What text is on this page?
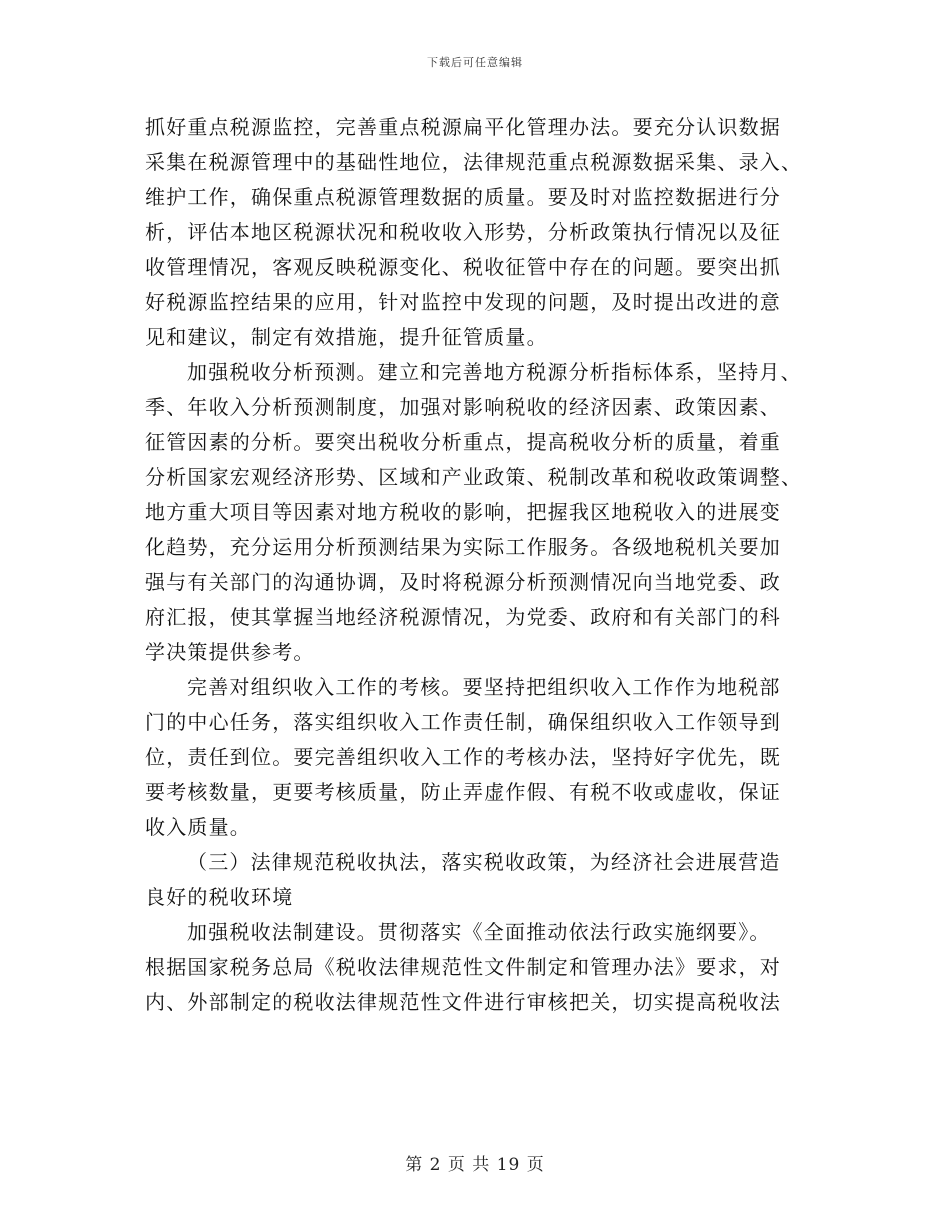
下载后可任意编辑
抓好重点税源监控，完善重点税源扁平化管理办法。要充分认识数据
采集在税源管理中的基础性地位，法律规范重点税源数据采集、录入、
维护工作，确保重点税源管理数据的质量。要及时对监控数据进行分
析，评估本地区税源状况和税收收入形势，分析政策执行情况以及征
收管理情况，客观反映税源变化、税收征管中存在的问题。要突出抓
好税源监控结果的应用，针对监控中发现的问题，及时提出改进的意
见和建议，制定有效措施，提升征管质量。
加强税收分析预测。建立和完善地方税源分析指标体系，坚持月、
季、年收入分析预测制度，加强对影响税收的经济因素、政策因素、
征管因素的分析。要突出税收分析重点，提高税收分析的质量，着重
分析国家宏观经济形势、区域和产业政策、税制改革和税收政策调整、
地方重大项目等因素对地方税收的影响，把握我区地税收入的进展变
化趋势，充分运用分析预测结果为实际工作服务。各级地税机关要加
强与有关部门的沟通协调，及时将税源分析预测情况向当地党委、政
府汇报，使其掌握当地经济税源情况，为党委、政府和有关部门的科
学决策提供参考。
完善对组织收入工作的考核。要坚持把组织收入工作作为地税部
门的中心任务，落实组织收入工作责任制，确保组织收入工作领导到
位，责任到位。要完善组织收入工作的考核办法，坚持好字优先，既
要考核数量，更要考核质量，防止弄虚作假、有税不收或虚收，保证
收入质量。
（三）法律规范税收执法，落实税收政策，为经济社会进展营造
良好的税收环境
加强税收法制建设。贯彻落实《全面推动依法行政实施纲要》。
根据国家税务总局《税收法律规范性文件制定和管理办法》要求，对
内、外部制定的税收法律规范性文件进行审核把关，切实提高税收法
第 2 页 共 19 页
